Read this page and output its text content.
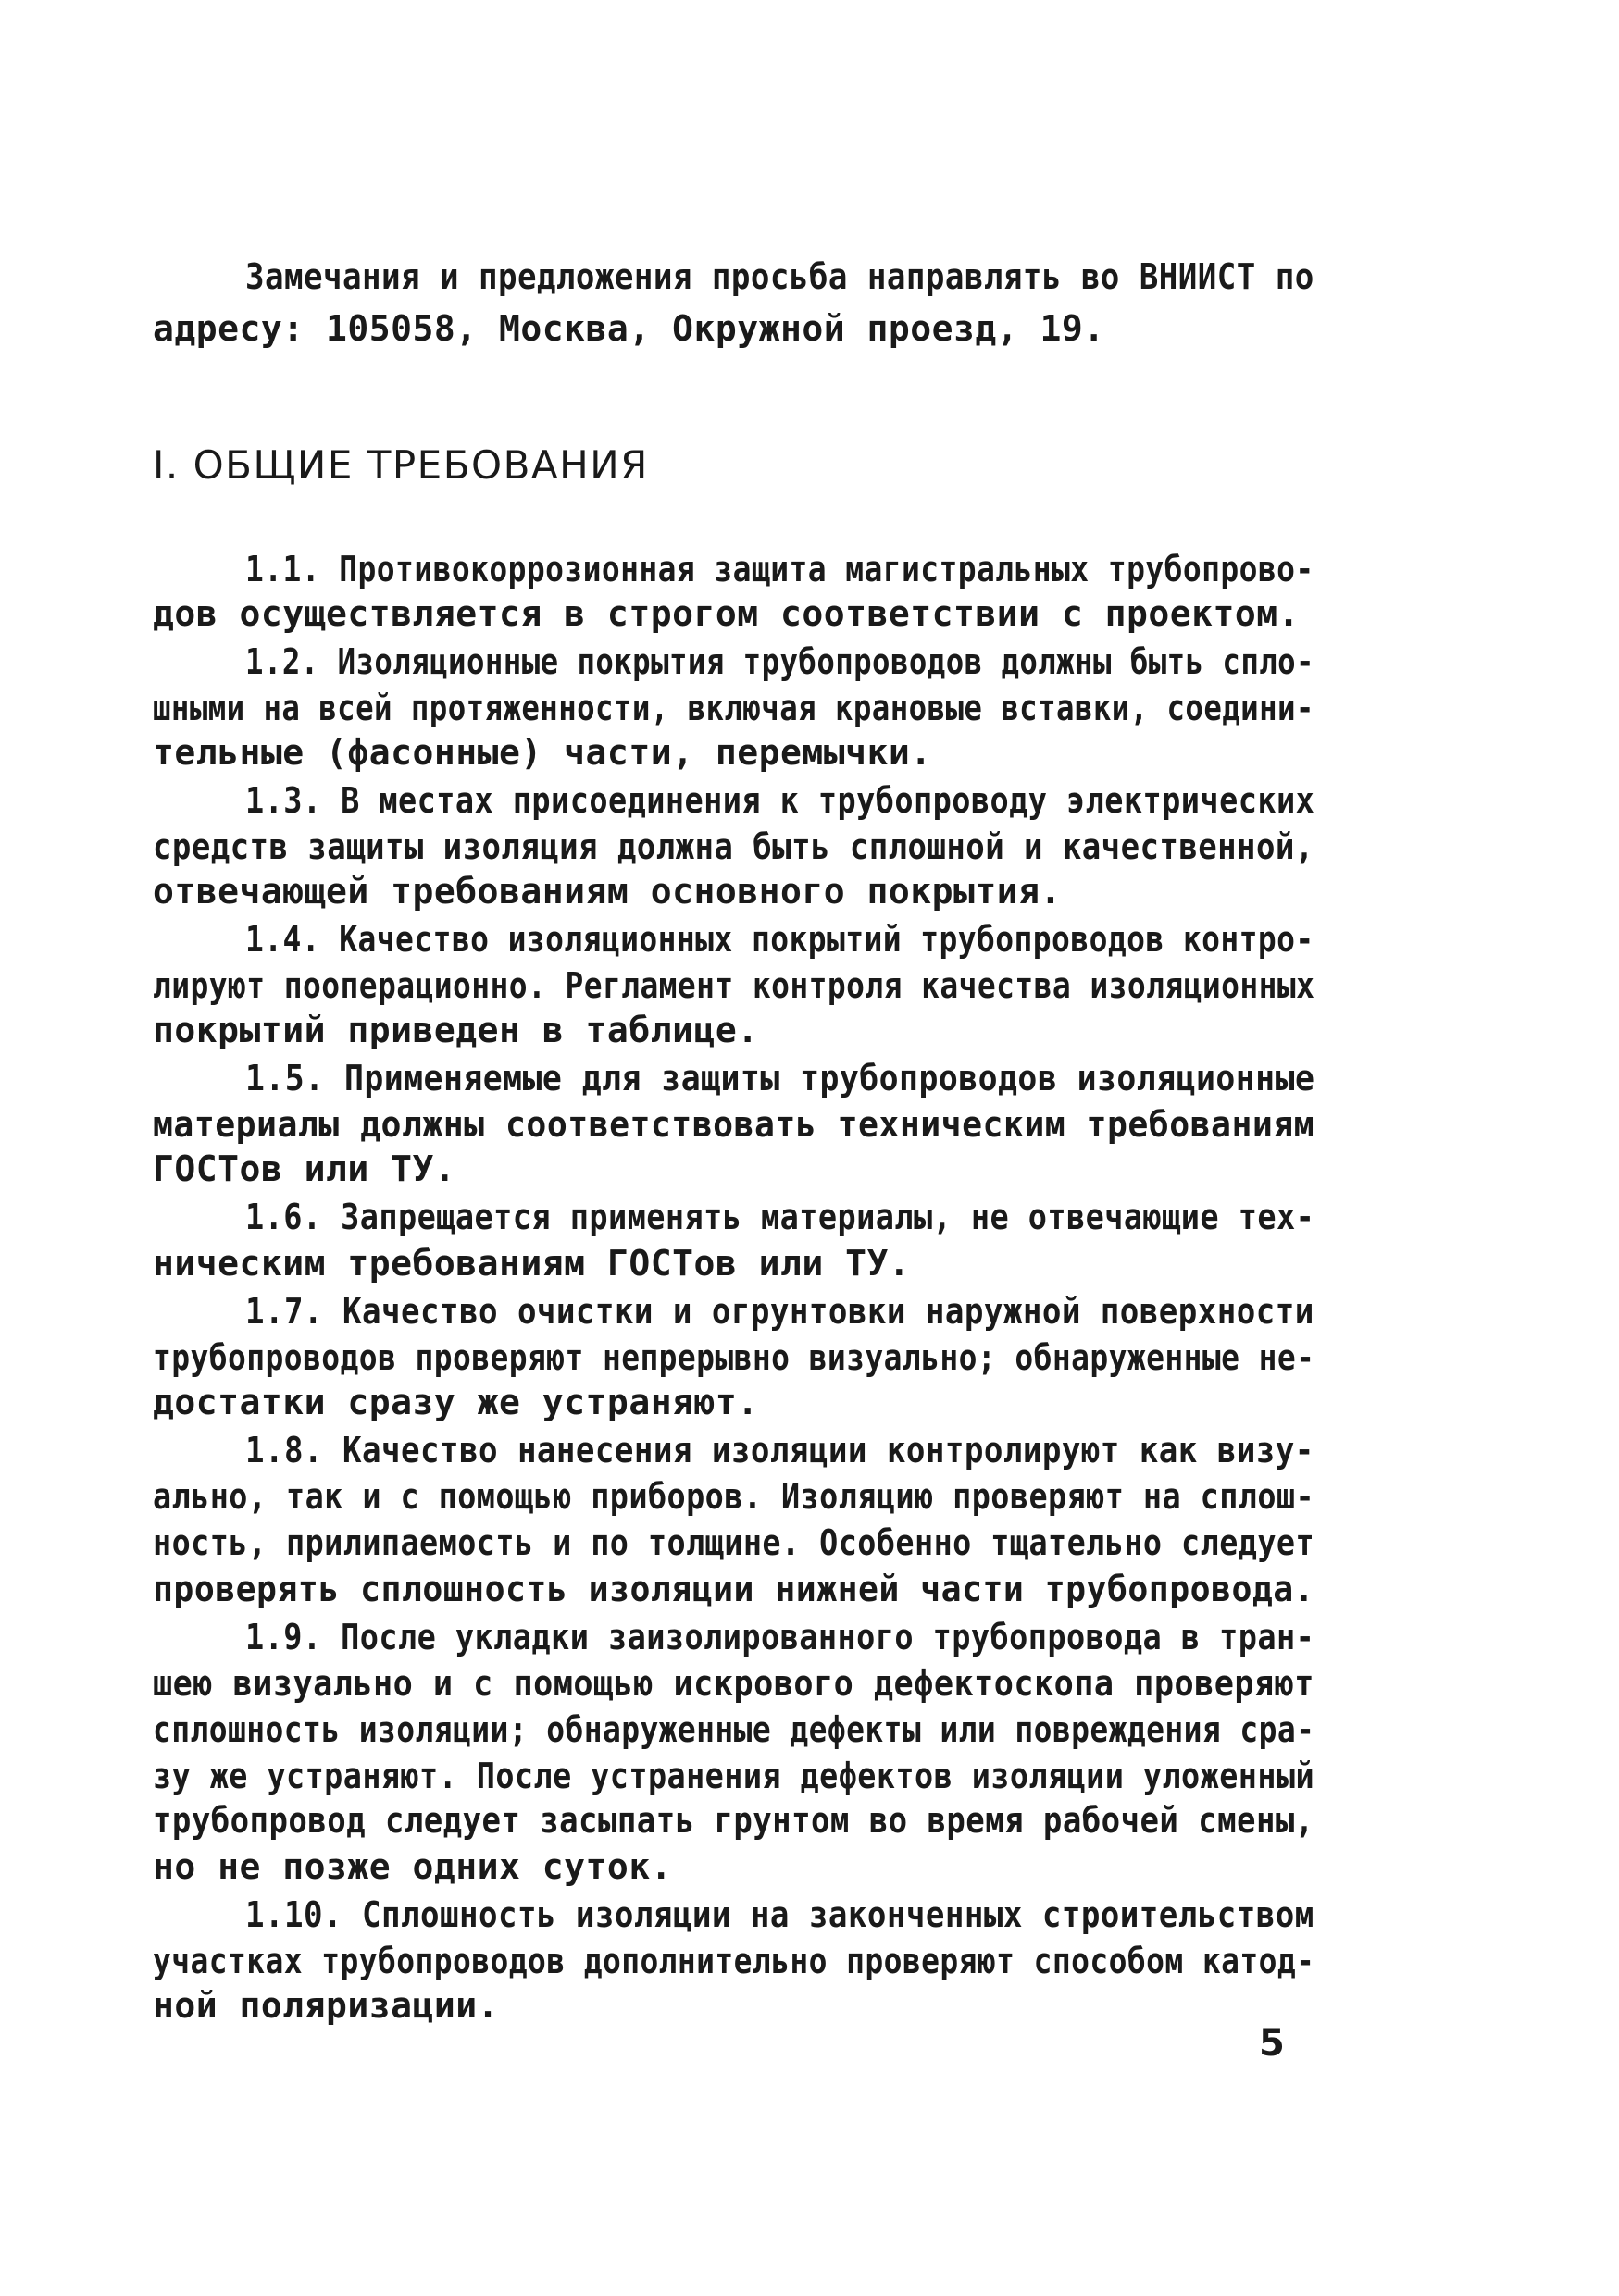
Замечания и предложения просьба направлять во ВНИИСТ по
адресу: 105058, Москва, Окружной проезд, 19.
I. ОБЩИЕ ТРЕБОВАНИЯ
1.1. Противокоррозионная защита магистральных трубопрово-
дов осуществляется в строгом соответствии с проектом.
1.2. Изоляционные покрытия трубопроводов должны быть спло-
шными на всей протяженности, включая крановые вставки, соедини-
тельные (фасонные) части, перемычки.
1.3. В местах присоединения к трубопроводу электрических
средств защиты изоляция должна быть сплошной и качественной,
отвечающей требованиям основного покрытия.
1.4. Качество изоляционных покрытий трубопроводов контро-
лируют пооперационно. Регламент контроля качества изоляционных
покрытий приведен в таблице.
1.5. Применяемые для защиты трубопроводов изоляционные
материалы должны соответствовать техническим требованиям
ГОСТов или ТУ.
1.6. Запрещается применять материалы, не отвечающие тех-
ническим требованиям ГОСТов или ТУ.
1.7. Качество очистки и огрунтовки наружной поверхности
трубопроводов проверяют непрерывно визуально; обнаруженные не-
достатки сразу же устраняют.
1.8. Качество нанесения изоляции контролируют как визу-
ально, так и с помощью приборов. Изоляцию проверяют на сплош-
ность, прилипаемость и по толщине. Особенно тщательно следует
проверять сплошность изоляции нижней части трубопровода.
1.9. После укладки заизолированного трубопровода в тран-
шею визуально и с помощью искрового дефектоскопа проверяют
сплошность изоляции; обнаруженные дефекты или повреждения сра-
зу же устраняют. После устранения дефектов изоляции уложенный
трубопровод следует засыпать грунтом во время рабочей смены,
но не позже одних суток.
1.10. Сплошность изоляции на законченных строительством
участках трубопроводов дополнительно проверяют способом катод-
ной поляризации.
5
